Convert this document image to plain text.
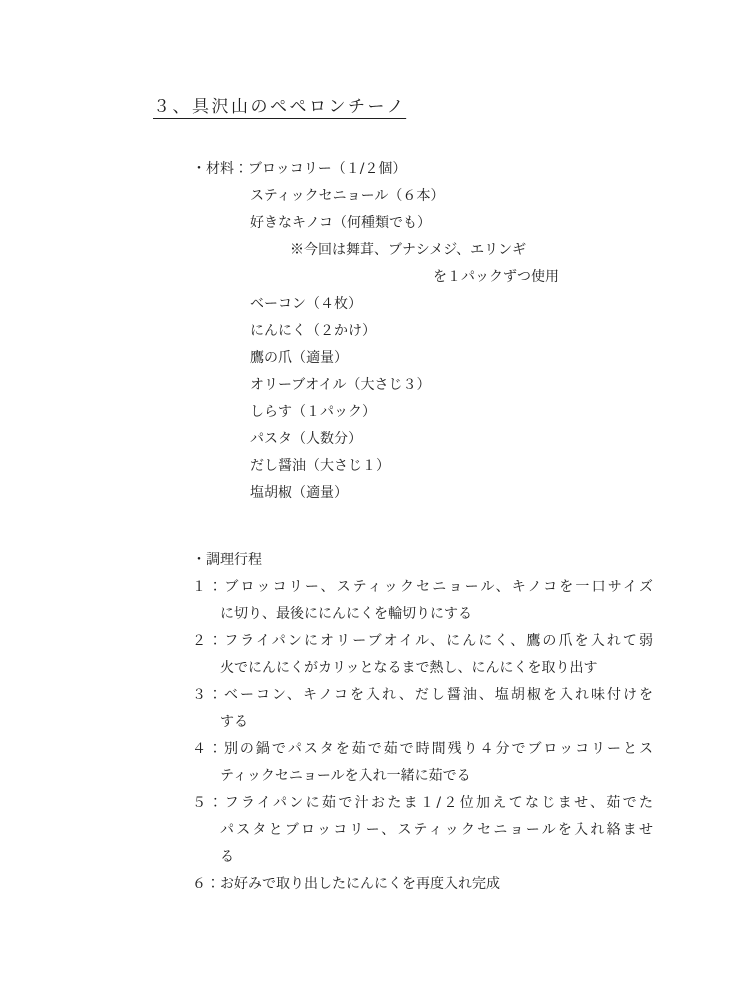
３、具沢山のペペロンチーノ
・材料：ブロッコリー（１/２個）
スティックセニョール（６本）
好きなキノコ（何種類でも）
※今回は舞茸、ブナシメジ、エリンギ
を１パックずつ使用
ベーコン（４枚）
にんにく（２かけ）
鷹の爪（適量）
オリーブオイル（大さじ３）
しらす（１パック）
パスタ（人数分）
だし醤油（大さじ１）
塩胡椒（適量）
・調理行程
１：ブロッコリー、スティックセニョール、キノコを一口サイズ
に切り、最後ににんにくを輪切りにする
２：フライパンにオリーブオイル、にんにく、鷹の爪を入れて弱
火でにんにくがカリッとなるまで熱し、にんにくを取り出す
３：ベーコン、キノコを入れ、だし醤油、塩胡椒を入れ味付けを
する
４：別の鍋でパスタを茹で茹で時間残り４分でブロッコリーとス
ティックセニョールを入れ一緒に茹でる
５：フライパンに茹で汁おたま１/２位加えてなじませ、茹でた
パスタとブロッコリー、スティックセニョールを入れ絡ませ
る
６：お好みで取り出したにんにくを再度入れ完成
